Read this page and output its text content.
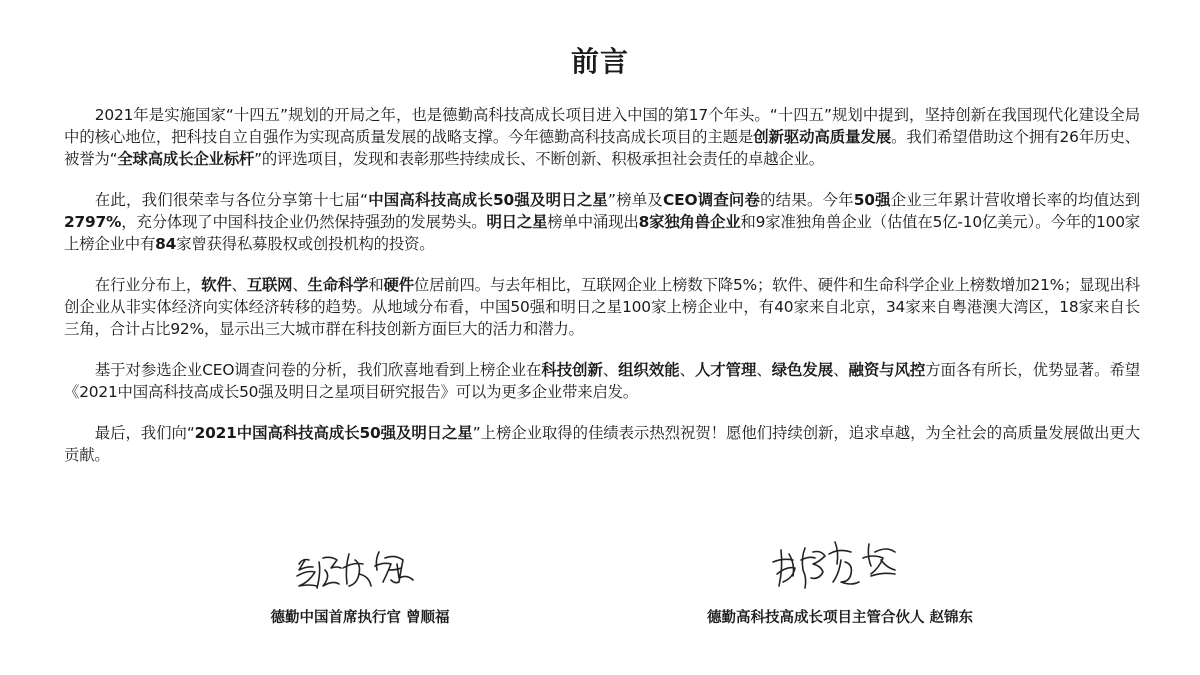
前言

2021年是实施国家“十四五”规划的开局之年，也是德勤高科技高成长项目进入中国的第17个年头。“十四五”规划中提到，坚持创新在我国现代化建设全局中的核心地位，把科技自立自强作为实现高质量发展的战略支撑。今年德勤高科技高成长项目的主题是创新驱动高质量发展。我们希望借助这个拥有26年历史、被誉为“全球高成长企业标杆”的评选项目，发现和表彰那些持续成长、不断创新、积极承担社会责任的卓越企业。

在此，我们很荣幸与各位分享第十七届“中国高科技高成长50强及明日之星”榜单及CEO调查问卷的结果。今年50强企业三年累计营收增长率的均值达到2797%，充分体现了中国科技企业仍然保持强劲的发展势头。明日之星榜单中涌现出8家独角兽企业和9家准独角兽企业（估值在5亿-10亿美元）。今年的100家上榜企业中有84家曾获得私募股权或创投机构的投资。

在行业分布上，软件、互联网、生命科学和硬件位居前四。与去年相比，互联网企业上榜数下降5%；软件、硬件和生命科学企业上榜数增加21%；显现出科创企业从非实体经济向实体经济转移的趋势。从地域分布看，中国50强和明日之星100家上榜企业中，有40家来自北京，34家来自粤港澳大湾区，18家来自长三角，合计占比92%，显示出三大城市群在科技创新方面巨大的活力和潜力。

基于对参选企业CEO调查问卷的分析，我们欣喜地看到上榜企业在科技创新、组织效能、人才管理、绿色发展、融资与风控方面各有所长，优势显著。希望《2021中国高科技高成长50强及明日之星项目研究报告》可以为更多企业带来启发。

最后，我们向“2021中国高科技高成长50强及明日之星”上榜企业取得的佳绩表示热烈祝贺！愿他们持续创新，追求卓越，为全社会的高质量发展做出更大贡献。

德勤中国首席执行官 曾顺福	德勤高科技高成长项目主管合伙人 赵锦东
